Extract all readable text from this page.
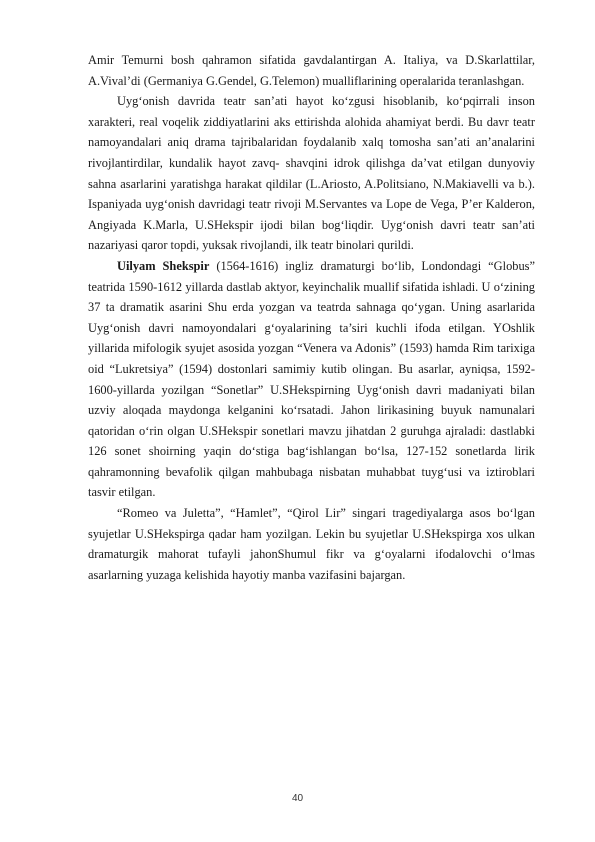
Amir Temurni bosh qahramon sifatida gavdalantirgan A. Italiya, va D.Skarlattilar, A.Vival’di (Germaniya G.Gendel, G.Telemon) mualliflarining operalarida teranlashgan.

Uyg‘onish davrida teatr san’ati hayot ko‘zgusi hisoblanib, ko‘pqirrali inson xarakteri, real voqelik ziddiyatlarini aks ettirishda alohida ahamiyat berdi. Bu davr teatr namoyandalari aniq drama tajribalaridan foydalanib xalq tomosha san’ati an’analarini rivojlantirdilar, kundalik hayot zavq- shavqini idrok qilishga da’vat etilgan dunyoviy sahna asarlarini yaratishga harakat qildilar (L.Ariosto, A.Politsiano, N.Makiavelli va b.). Ispaniyada uyg‘onish davridagi teatr rivoji M.Servantes va Lope de Vega, P’er Kalderon, Angiyada K.Marla, U.SHekspir ijodi bilan bog‘liqdir. Uyg‘onish davri teatr san’ati nazariyasi qaror topdi, yuksak rivojlandi, ilk teatr binolari qurildi.

Uilyam Shekspir (1564-1616) ingliz dramaturgi bo‘lib, Londondagi “Globus” teatrida 1590-1612 yillarda dastlab aktyor, keyinchalik muallif sifatida ishladi. U o‘zining 37 ta dramatik asarini Shu erda yozgan va teatrda sahnaga qo‘ygan. Uning asarlarida Uyg‘onish davri namoyondalari g‘oyalarining ta’siri kuchli ifoda etilgan. YOshlik yillarida mifologik syujet asosida yozgan “Venera va Adonis” (1593) hamda Rim tarixiga oid “Lukretsiya” (1594) dostonlari samimiy kutib olingan. Bu asarlar, ayniqsa, 1592-1600-yillarda yozilgan “Sonetlar” U.SHekspirning Uyg‘onish davri madaniyati bilan uzviy aloqada maydonga kelganini ko‘rsatadi. Jahon lirikasining buyuk namunalari qatoridan o‘rin olgan U.SHekspir sonetlari mavzu jihatdan 2 guruhga ajraladi: dastlabki 126 sonet shoirning yaqin do‘stiga bag‘ishlangan bo‘lsa, 127-152 sonetlarda lirik qahramonning bevafolik qilgan mahbubaga nisbatan muhabbat tuyg‘usi va iztiroblari tasvir etilgan.

“Romeo va Juletta”, “Hamlet”, “Qirol Lir” singari tragediyalarga asos bo‘lgan syujetlar U.SHekspirga qadar ham yozilgan. Lekin bu syujetlar U.SHekspirga xos ulkan dramaturgik mahorat tufayli jahonShumul fikr va g‘oyalarni ifodalovchi o‘lmas asarlarning yuzaga kelishida hayotiy manba vazifasini bajargan.

40
